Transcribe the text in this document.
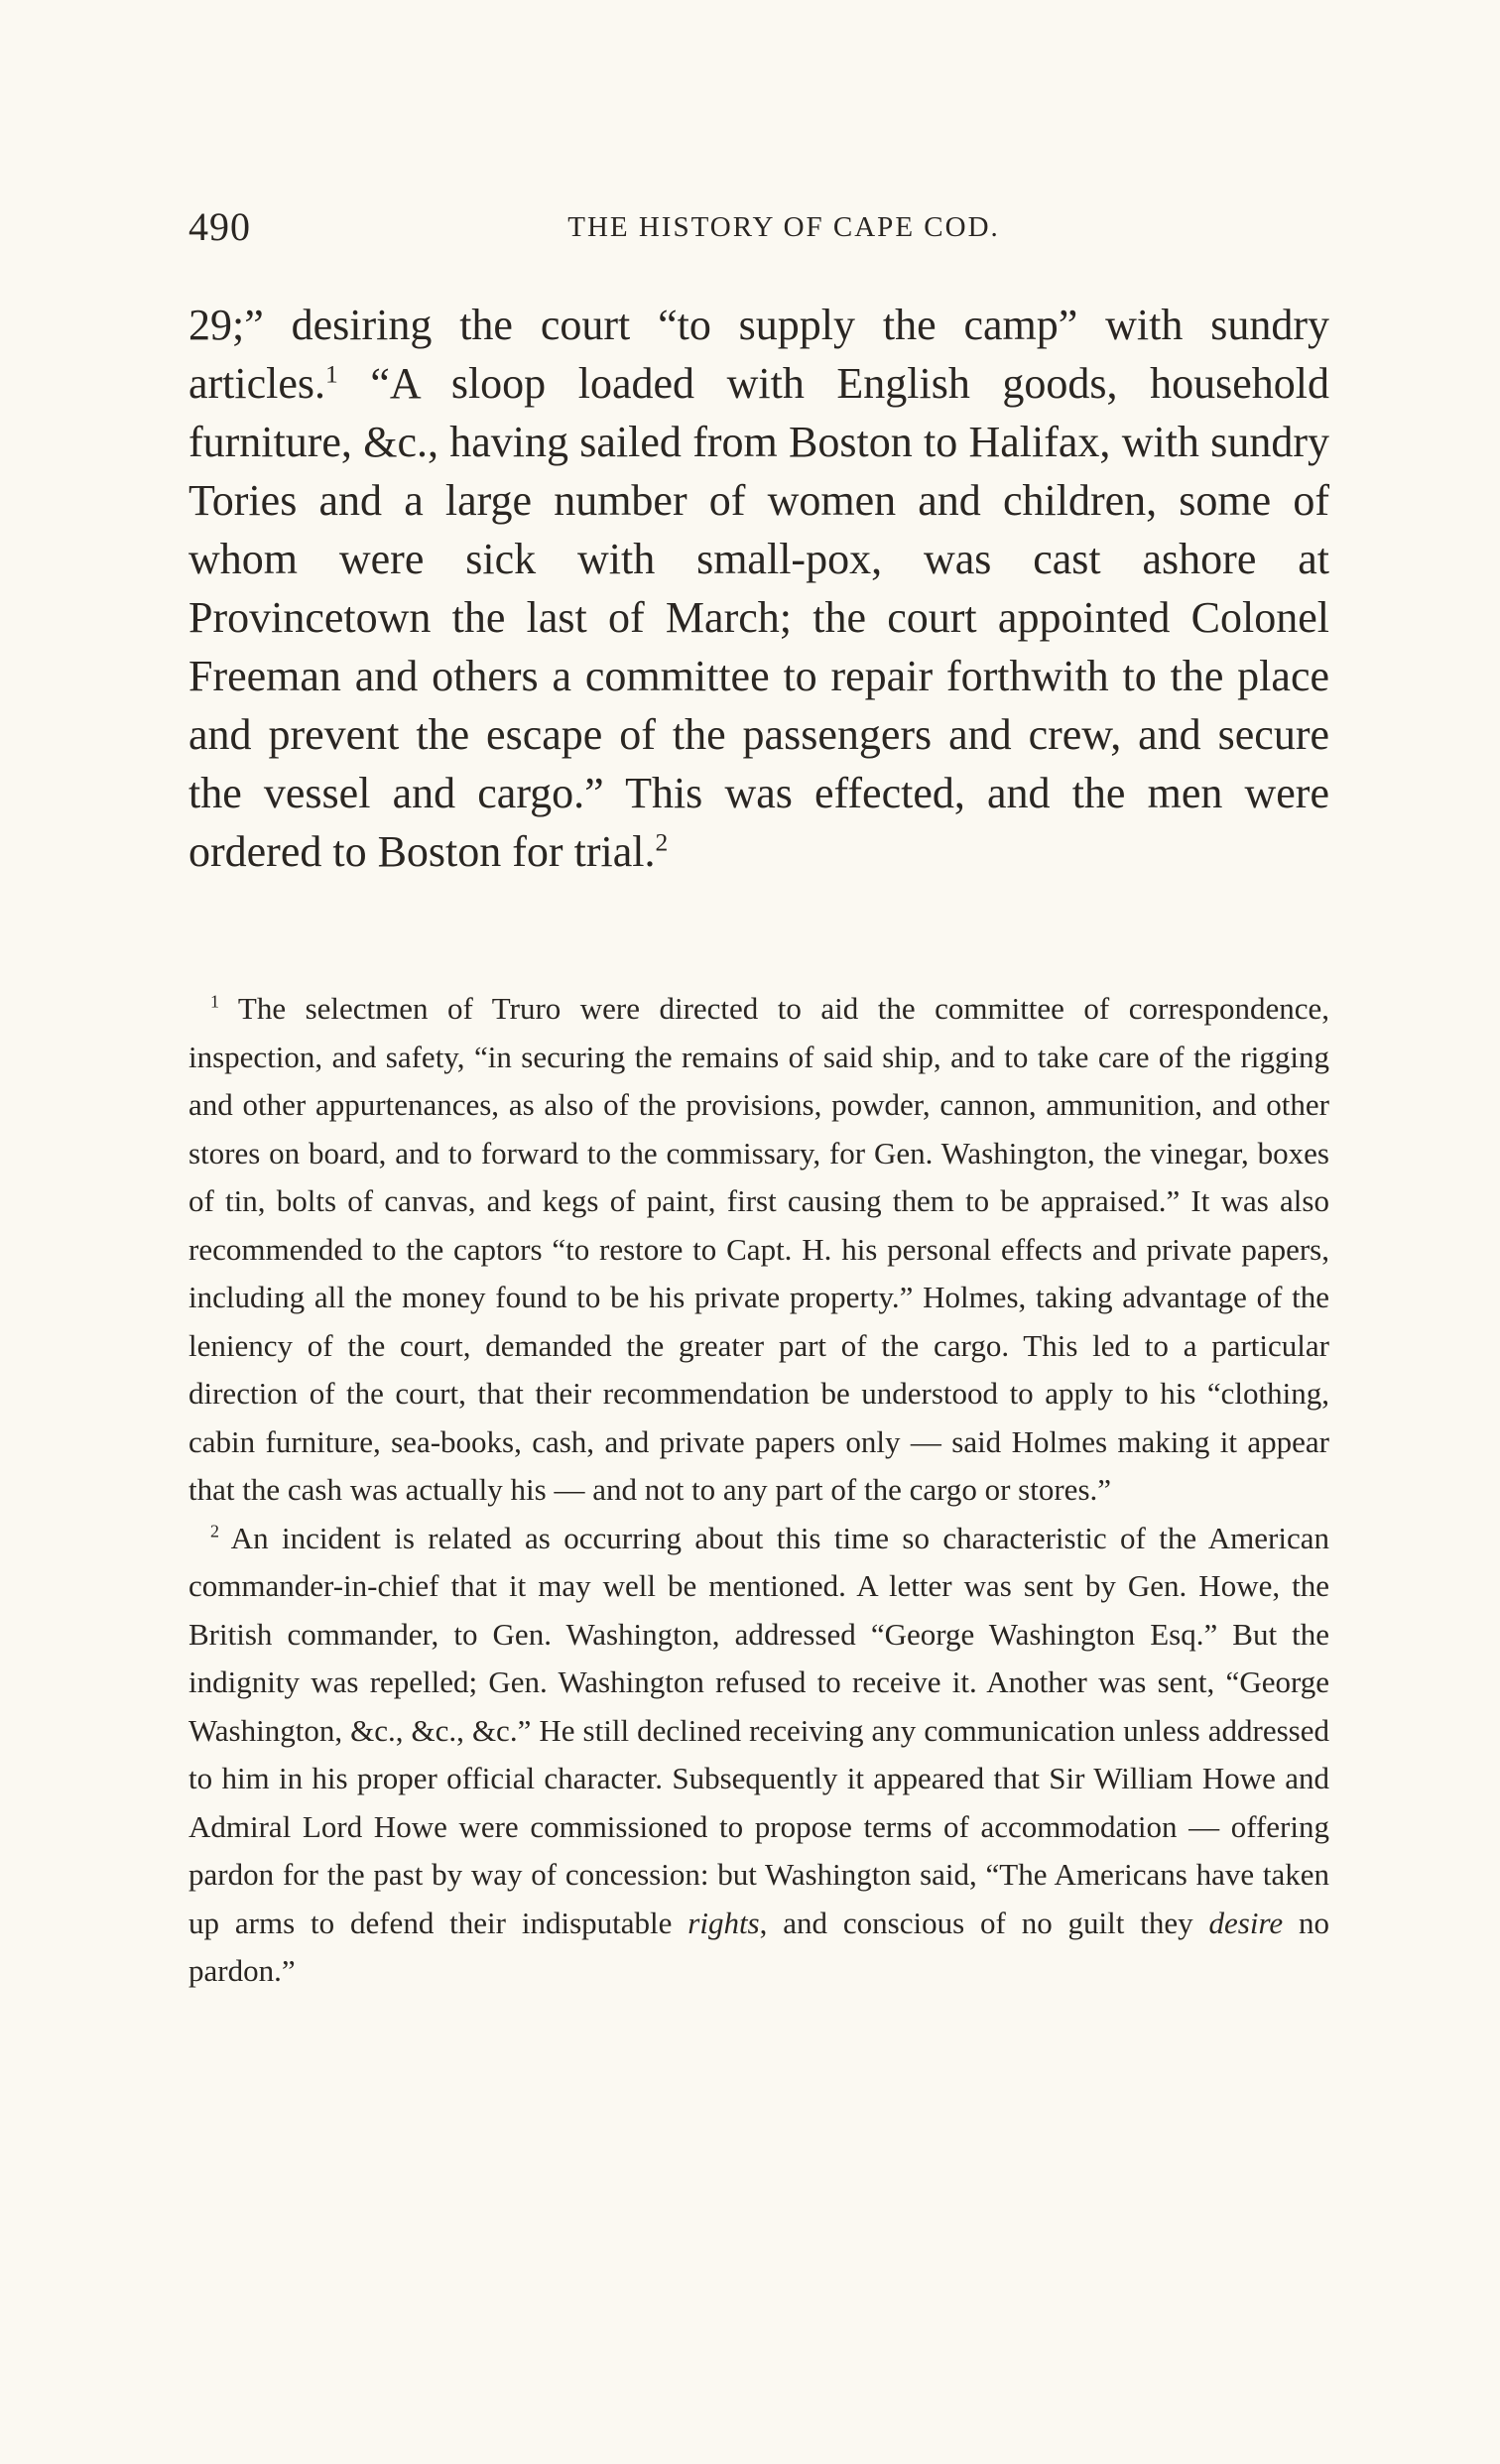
490	THE HISTORY OF CAPE COD.

29;” desiring the court “to supply the camp” with sundry articles.$^1$ “A sloop loaded with English goods, household furniture, &c., having sailed from Boston to Halifax, with sundry Tories and a large number of women and children, some of whom were sick with small-pox, was cast ashore at Provincetown the last of March; the court appointed Colonel Freeman and others a committee to repair forthwith to the place and prevent the escape of the passengers and crew, and secure the vessel and cargo.” This was effected, and the men were ordered to Boston for trial.$^2$

$^1$ The selectmen of Truro were directed to aid the committee of correspondence, inspection, and safety, “in securing the remains of said ship, and to take care of the rigging and other appurtenances, as also of the provisions, powder, cannon, ammunition, and other stores on board, and to forward to the commissary, for Gen. Washington, the vinegar, boxes of tin, bolts of canvas, and kegs of paint, first causing them to be appraised.” It was also recommended to the captors “to restore to Capt. H. his personal effects and private papers, including all the money found to be his private property.” Holmes, taking advantage of the leniency of the court, demanded the greater part of the cargo. This led to a particular direction of the court, that their recommendation be understood to apply to his “clothing, cabin furniture, sea-books, cash, and private papers only — said Holmes making it appear that the cash was actually his — and not to any part of the cargo or stores.”

$^2$ An incident is related as occurring about this time so characteristic of the American commander-in-chief that it may well be mentioned. A letter was sent by Gen. Howe, the British commander, to Gen. Washington, addressed “George Washington Esq.” But the indignity was repelled; Gen. Washington refused to receive it. Another was sent, “George Washington, &c., &c., &c.” He still declined receiving any communication unless addressed to him in his proper official character. Subsequently it appeared that Sir William Howe and Admiral Lord Howe were commissioned to propose terms of accommodation — offering pardon for the past by way of concession: but Washington said, “The Americans have taken up arms to defend their indisputable rights, and conscious of no guilt they desire no pardon.”
